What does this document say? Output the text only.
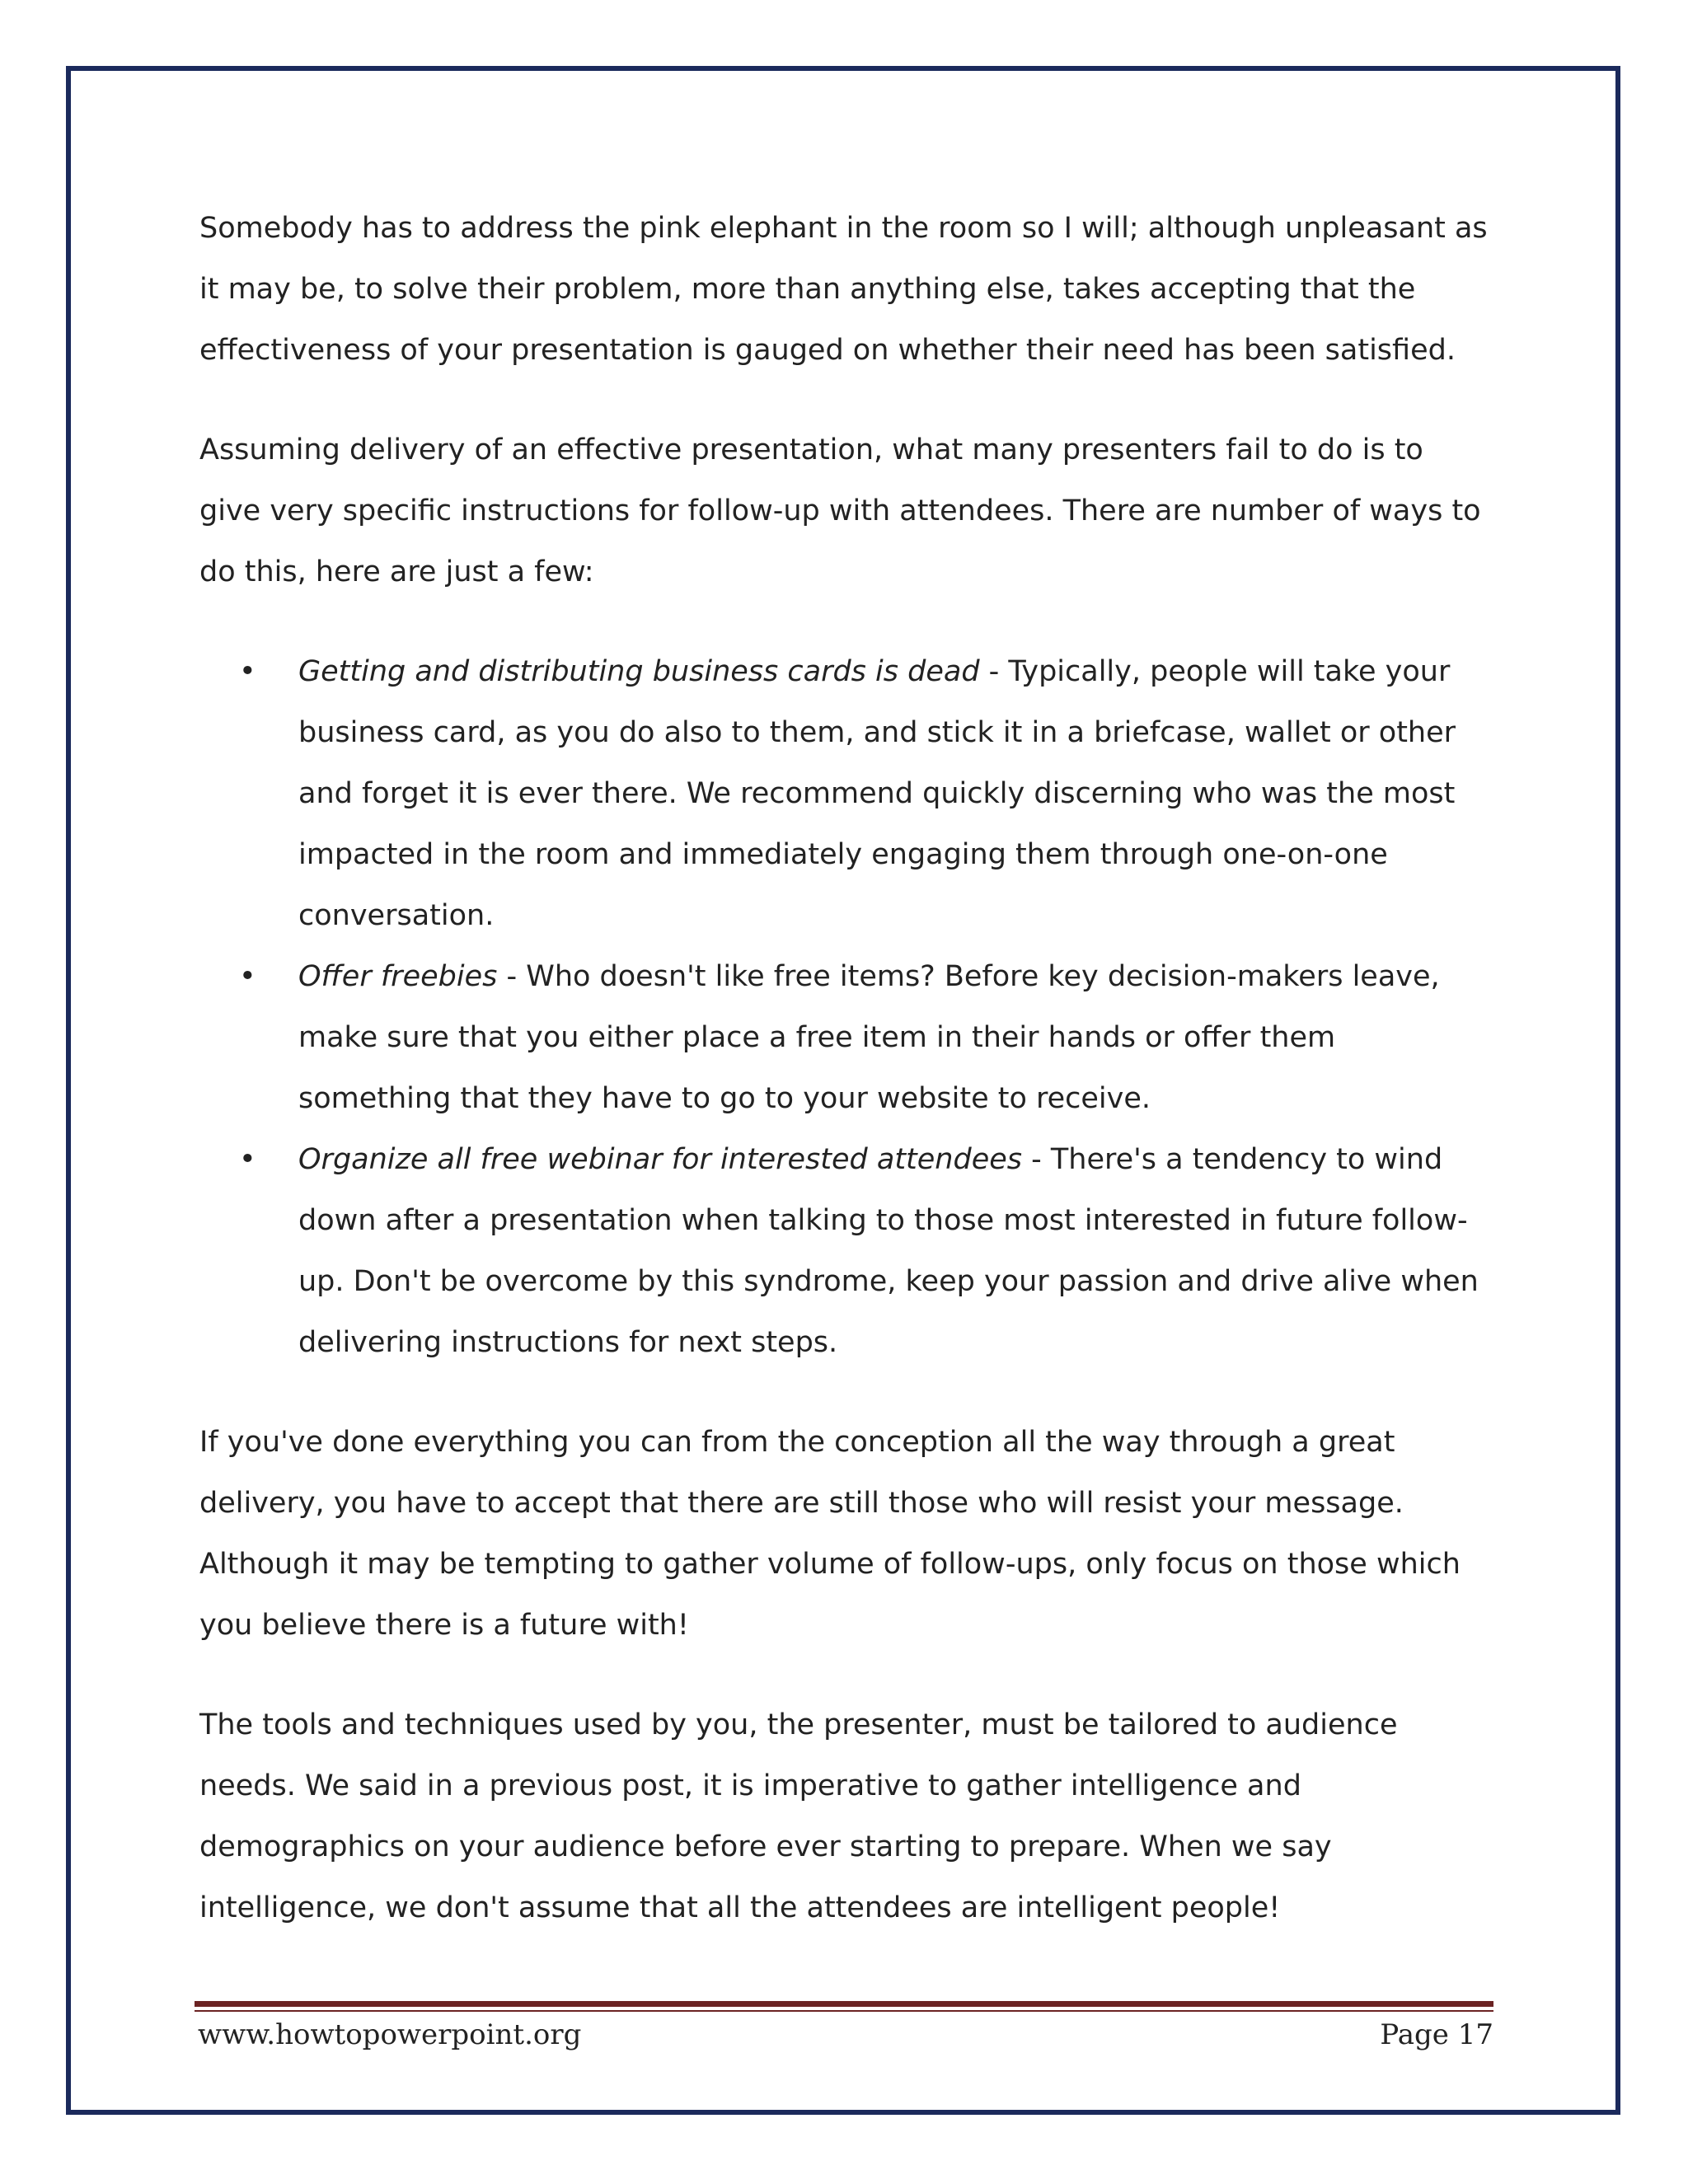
Somebody has to address the pink elephant in the room so I will; although unpleasant as it may be, to solve their problem, more than anything else, takes accepting that the effectiveness of your presentation is gauged on whether their need has been satisfied.

Assuming delivery of an effective presentation, what many presenters fail to do is to give very specific instructions for follow-up with attendees. There are number of ways to do this, here are just a few:

• Getting and distributing business cards is dead - Typically, people will take your business card, as you do also to them, and stick it in a briefcase, wallet or other and forget it is ever there. We recommend quickly discerning who was the most impacted in the room and immediately engaging them through one-on-one conversation.
• Offer freebies - Who doesn't like free items? Before key decision-makers leave, make sure that you either place a free item in their hands or offer them something that they have to go to your website to receive.
• Organize all free webinar for interested attendees - There's a tendency to wind down after a presentation when talking to those most interested in future follow-up. Don't be overcome by this syndrome, keep your passion and drive alive when delivering instructions for next steps.

If you've done everything you can from the conception all the way through a great delivery, you have to accept that there are still those who will resist your message. Although it may be tempting to gather volume of follow-ups, only focus on those which you believe there is a future with!

The tools and techniques used by you, the presenter, must be tailored to audience needs. We said in a previous post, it is imperative to gather intelligence and demographics on your audience before ever starting to prepare. When we say intelligence, we don't assume that all the attendees are intelligent people!

www.howtopowerpoint.org	Page 17
